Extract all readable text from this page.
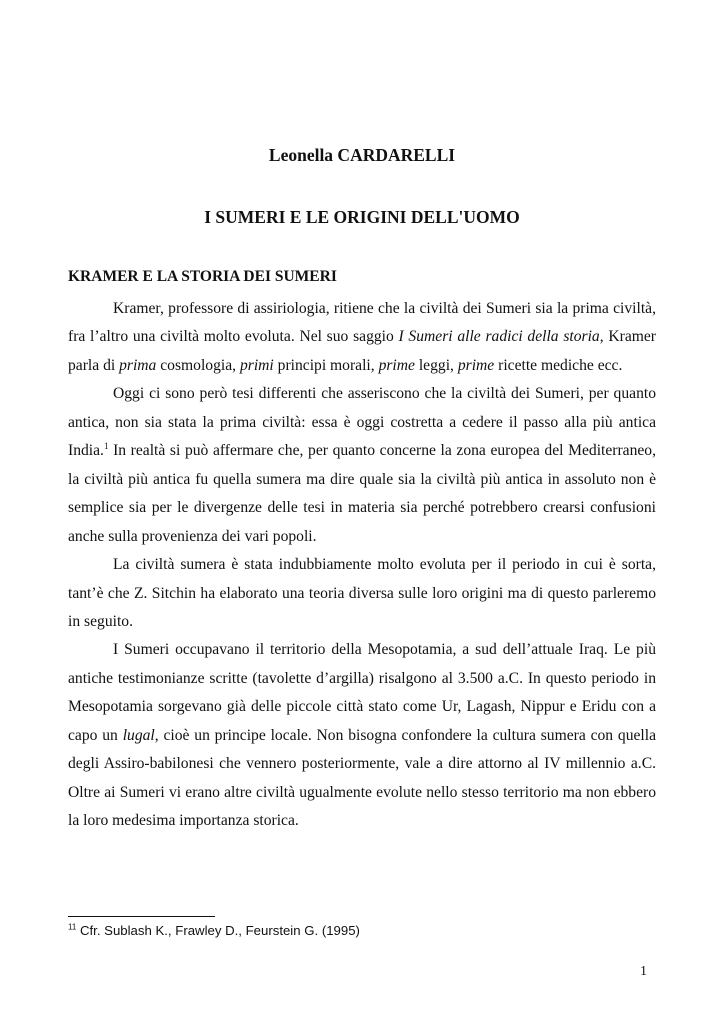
Leonella CARDARELLI
I SUMERI E LE ORIGINI DELL'UOMO
KRAMER E LA STORIA DEI SUMERI

Kramer, professore di assiriologia, ritiene che la civiltà dei Sumeri sia la prima civiltà, fra l’altro una civiltà molto evoluta. Nel suo saggio I Sumeri alle radici della storia, Kramer parla di prima cosmologia, primi principi morali, prime leggi, prime ricette mediche ecc.

Oggi ci sono però tesi differenti che asseriscono che la civiltà dei Sumeri, per quanto antica, non sia stata la prima civiltà: essa è oggi costretta a cedere il passo alla più antica India.$^1$ In realtà si può affermare che, per quanto concerne la zona europea del Mediterraneo, la civiltà più antica fu quella sumera ma dire quale sia la civiltà più antica in assoluto non è semplice sia per le divergenze delle tesi in materia sia perché potrebbero crearsi confusioni anche sulla provenienza dei vari popoli.

La civiltà sumera è stata indubbiamente molto evoluta per il periodo in cui è sorta, tant’è che Z. Sitchin ha elaborato una teoria diversa sulle loro origini ma di questo parleremo in seguito.

I Sumeri occupavano il territorio della Mesopotamia, a sud dell’attuale Iraq. Le più antiche testimonianze scritte (tavolette d’argilla) risalgono al 3.500 a.C. In questo periodo in Mesopotamia sorgevano già delle piccole città stato come Ur, Lagash, Nippur e Eridu con a capo un lugal, cioè un principe locale. Non bisogna confondere la cultura sumera con quella degli Assiro-babilonesi che vennero posteriormente, vale a dire attorno al IV millennio a.C. Oltre ai Sumeri vi erano altre civiltà ugualmente evolute nello stesso territorio ma non ebbero la loro medesima importanza storica.

$^{11}$ Cfr. Sublash K., Frawley D., Feurstein G. (1995)
1
